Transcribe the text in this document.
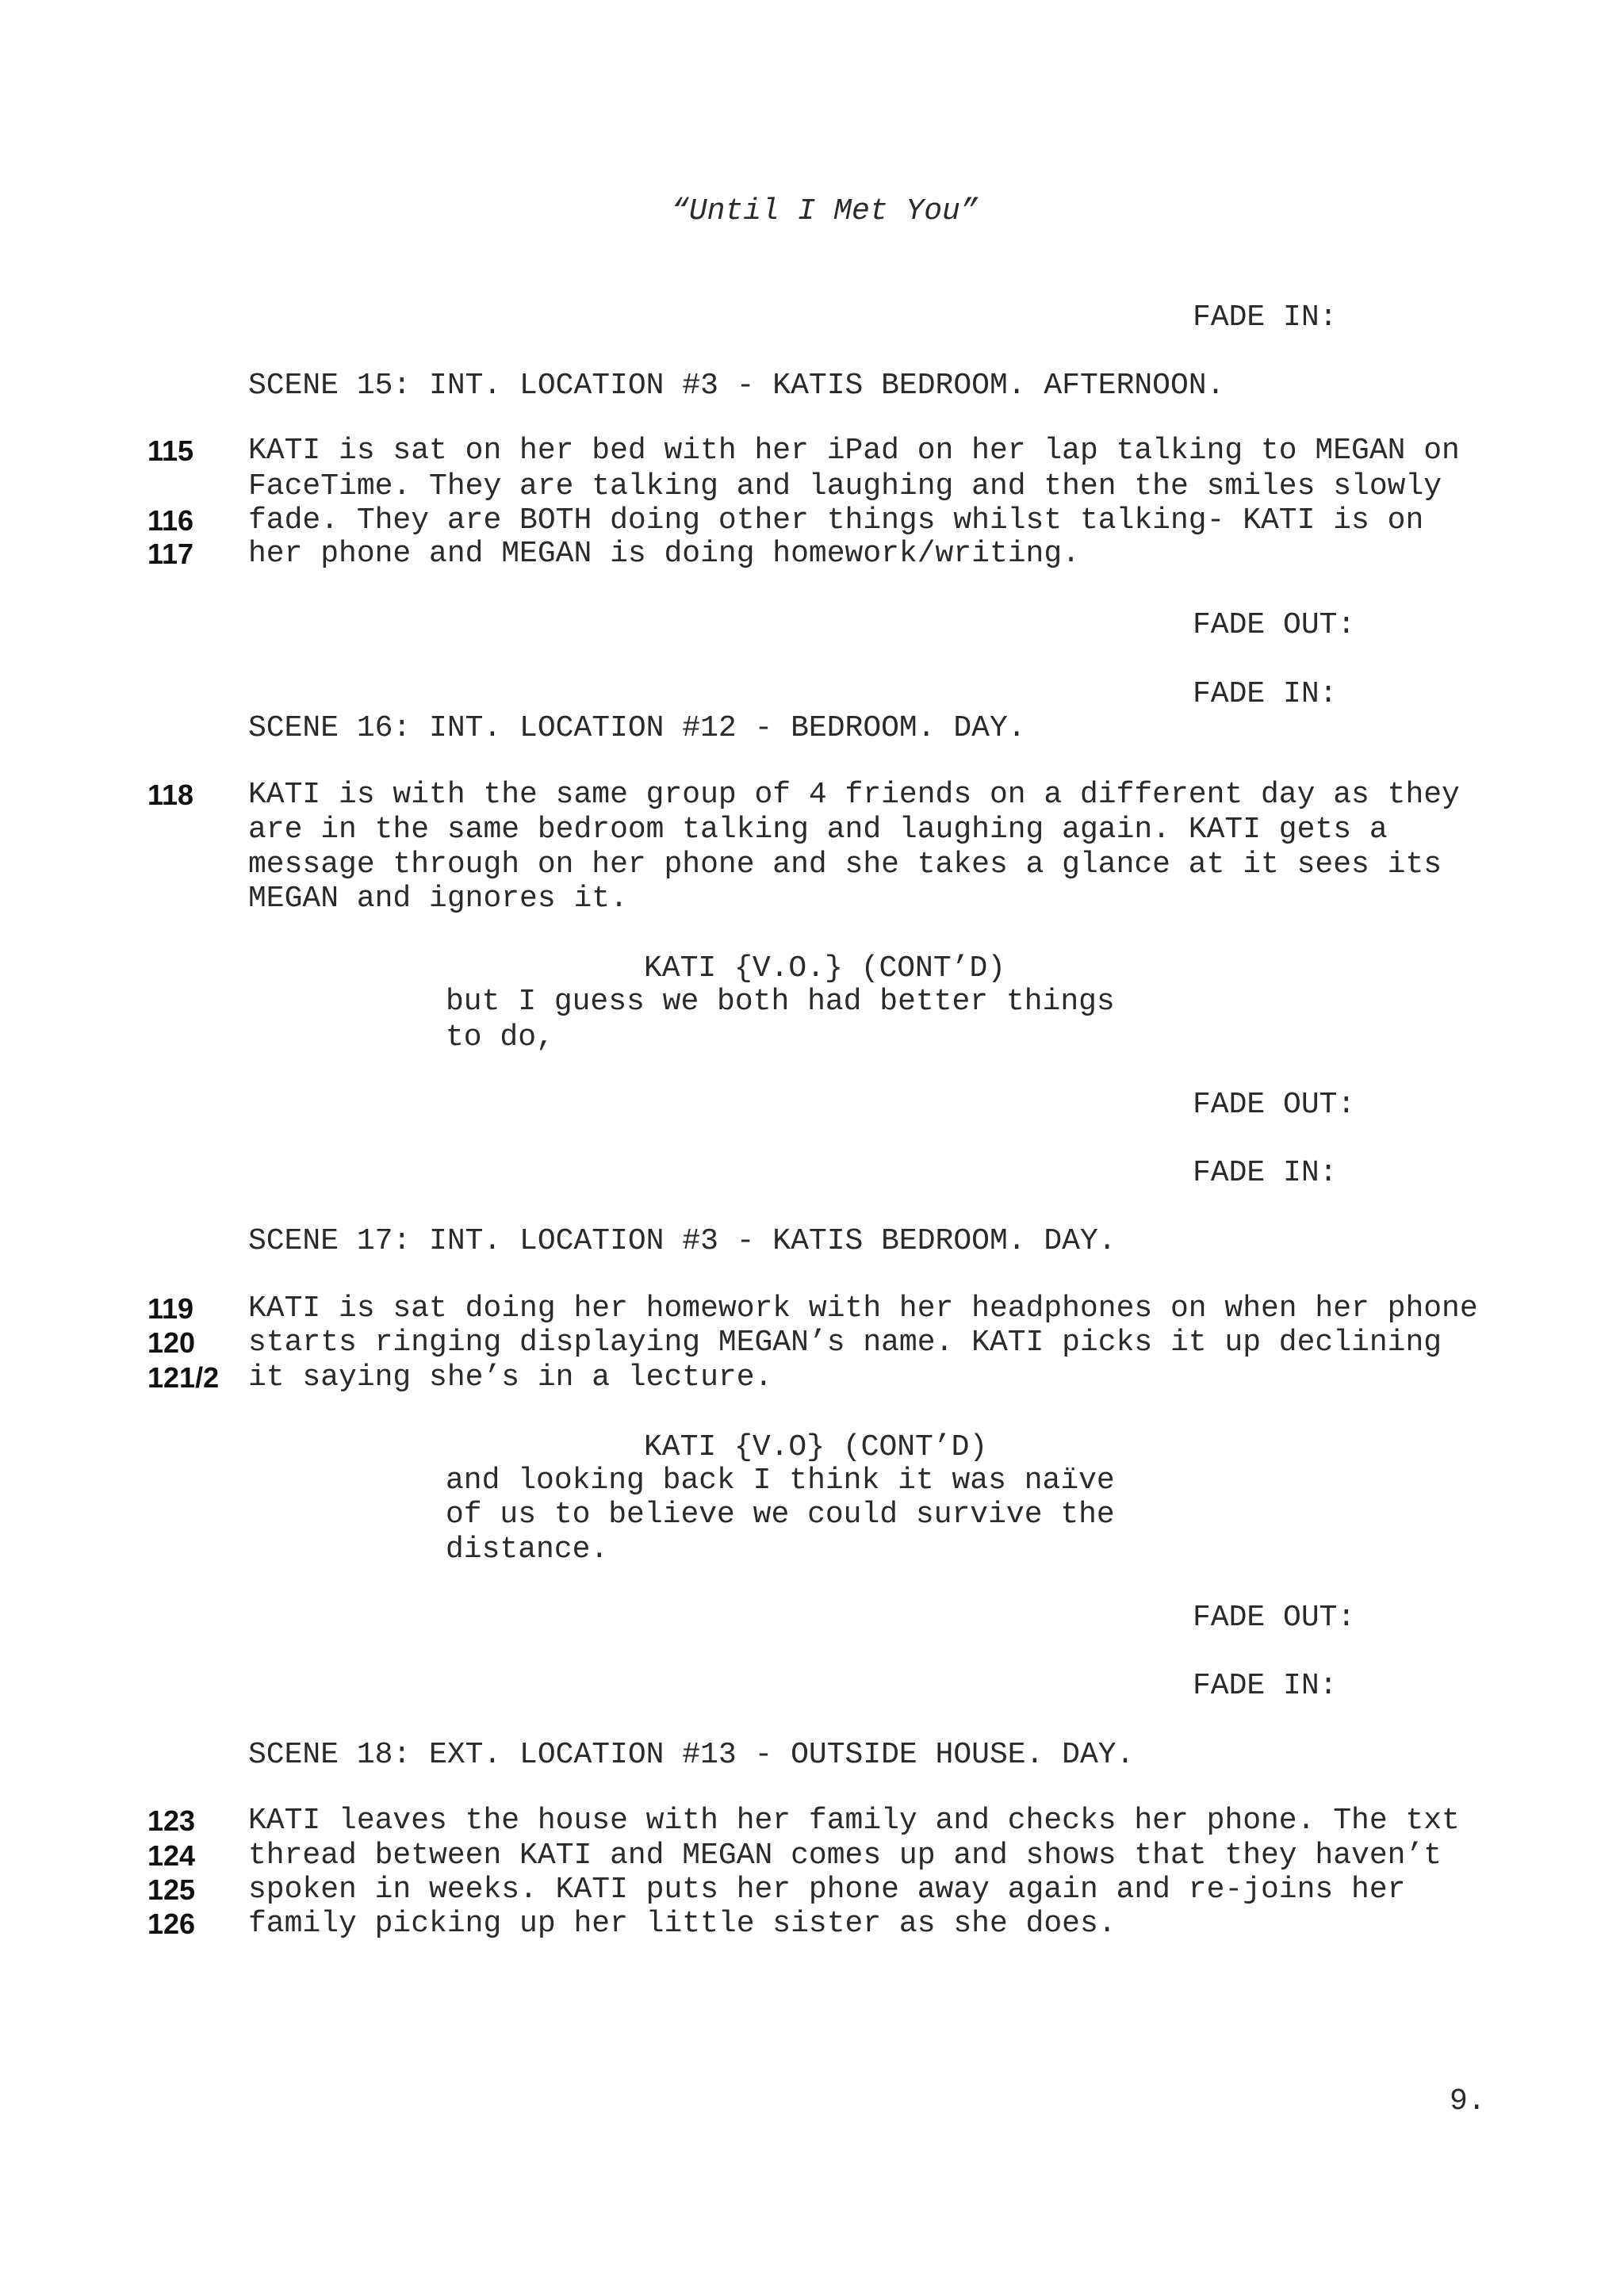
“Until I Met You”
FADE IN:
SCENE 15: INT. LOCATION #3 - KATIS BEDROOM. AFTERNOON.
115
116
117
KATI is sat on her bed with her iPad on her lap talking to MEGAN on
FaceTime. They are talking and laughing and then the smiles slowly
fade. They are BOTH doing other things whilst talking- KATI is on
her phone and MEGAN is doing homework/writing.
FADE OUT:
FADE IN:
SCENE 16: INT. LOCATION #12 - BEDROOM. DAY.
118 KATI is with the same group of 4 friends on a different day as they
are in the same bedroom talking and laughing again. KATI gets a
message through on her phone and she takes a glance at it sees its
MEGAN and ignores it.
KATI {V.O.} (CONT’D)
but I guess we both had better things
to do,
FADE OUT:
FADE IN:
SCENE 17: INT. LOCATION #3 - KATIS BEDROOM. DAY.
119
120
121/2
KATI is sat doing her homework with her headphones on when her phone
starts ringing displaying MEGAN’s name. KATI picks it up declining
it saying she’s in a lecture.
KATI {V.O} (CONT’D)
and looking back I think it was naïve
of us to believe we could survive the
distance.
FADE OUT:
FADE IN:
SCENE 18: EXT. LOCATION #13 - OUTSIDE HOUSE. DAY.
123
124
125
126
KATI leaves the house with her family and checks her phone. The txt
thread between KATI and MEGAN comes up and shows that they haven’t
spoken in weeks. KATI puts her phone away again and re-joins her
family picking up her little sister as she does.
9.
